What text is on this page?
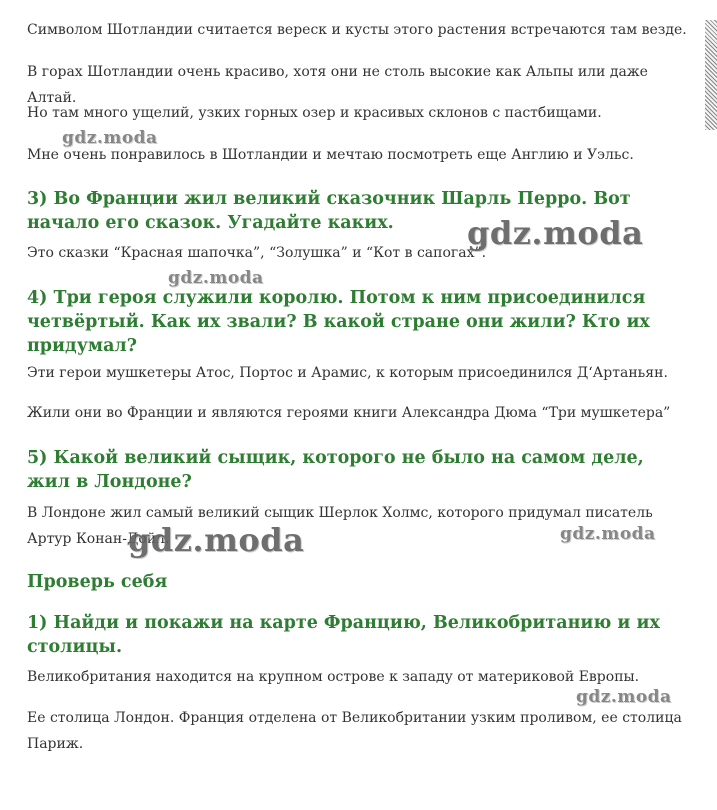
Символом Шотландии считается вереск и кусты этого растения встречаются там везде.

В горах Шотландии очень красиво, хотя они не столь высокие как Альпы или даже Алтай.

Но там много ущелий, узких горных озер и красивых склонов с пастбищами.

Мне очень понравилось в Шотландии и мечтаю посмотреть еще Англию и Уэльс.

3) Во Франции жил великий сказочник Шарль Перро. Вот начало его сказок. Угадайте каких.

Это сказки “Красная шапочка”, “Золушка” и “Кот в сапогах”.

4) Три героя служили королю. Потом к ним присоединился четвёртый. Как их звали? В какой стране они жили? Кто их придумал?

Эти герои мушкетеры Атос, Портос и Арамис, к которым присоединился Д‘Артаньян.

Жили они во Франции и являются героями книги Александра Дюма “Три мушкетера”

5) Какой великий сыщик, которого не было на самом деле, жил в Лондоне?

В Лондоне жил самый великий сыщик Шерлок Холмс, которого придумал писатель Артур Конан-Дойл.

Проверь себя
1) Найди и покажи на карте Францию, Великобританию и их столицы.

Великобритания находится на крупном острове к западу от материковой Европы.

Ее столица Лондон. Франция отделена от Великобритании узким проливом, ее столица Париж.

gdz.moda
gdz.moda
gdz.moda
gdz.moda	gdz.moda
gdz.moda
